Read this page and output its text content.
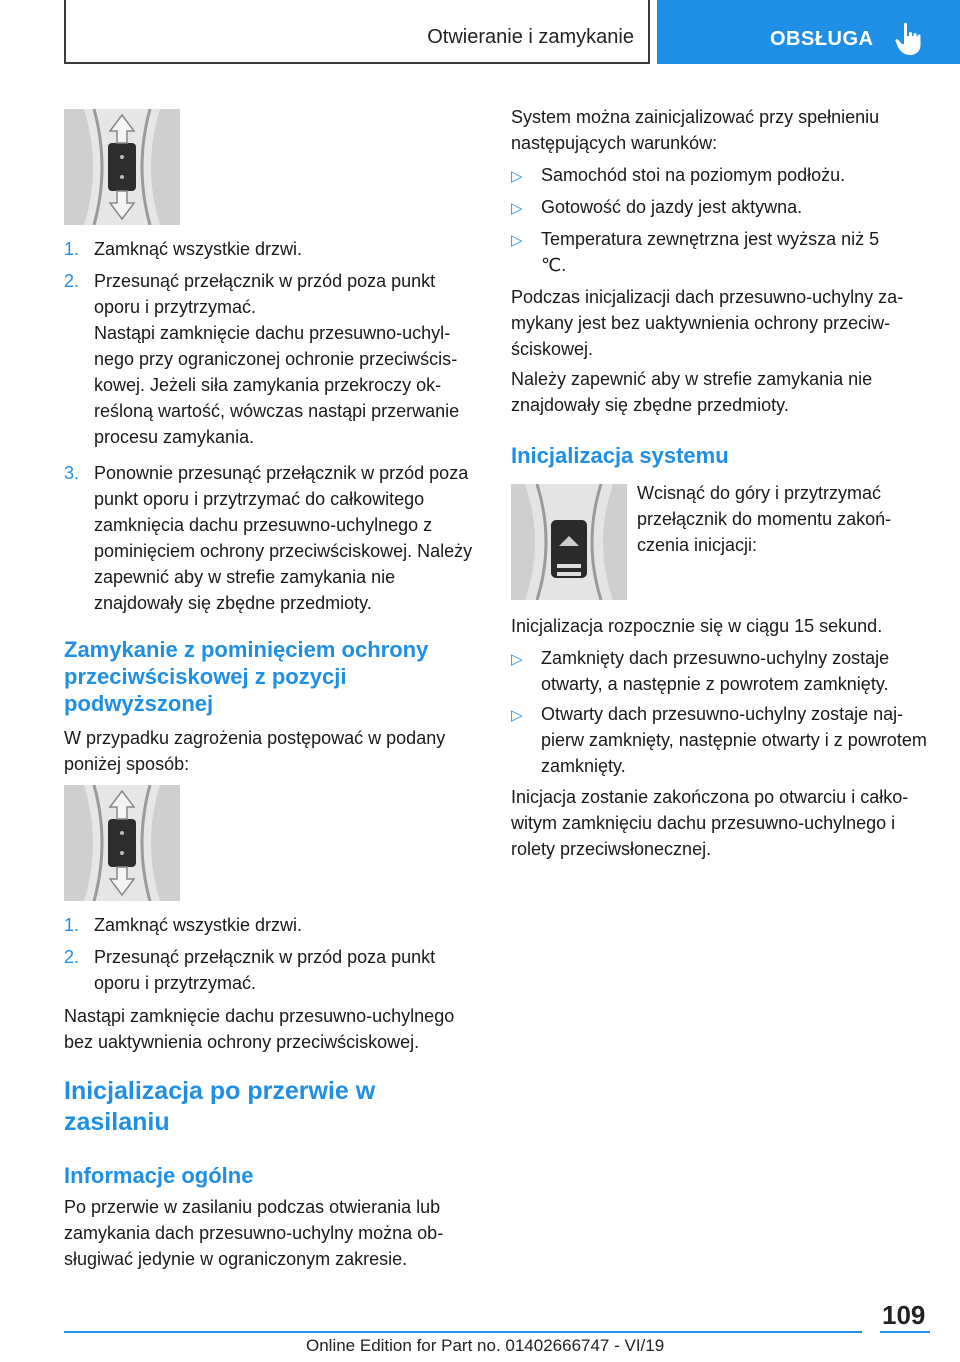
Otwieranie i zamykanie	OBSŁUGA
1. Zamknąć wszystkie drzwi.
2. Przesunąć przełącznik w przód poza punkt oporu i przytrzymać.
Nastąpi zamknięcie dachu przesuwno-uchylnego przy ograniczonej ochronie przeciwściskowej. Jeżeli siła zamykania przekroczy określoną wartość, wówczas nastąpi przerwanie procesu zamykania.
3. Ponownie przesunąć przełącznik w przód poza punkt oporu i przytrzymać do całkowitego zamknięcia dachu przesuwno-uchylnego z pominięciem ochrony przeciwściskowej. Należy zapewnić aby w strefie zamykania nie znajdowały się zbędne przedmioty.
Zamykanie z pominięciem ochrony przeciwściskowej z pozycji podwyższonej

W przypadku zagrożenia postępować w podany poniżej sposób:

1. Zamknąć wszystkie drzwi.
2. Przesunąć przełącznik w przód poza punkt oporu i przytrzymać.

Nastąpi zamknięcie dachu przesuwno-uchylnego bez uaktywnienia ochrony przeciwściskowej.

Inicjalizacja po przerwie w zasilaniu
Informacje ogólne

Po przerwie w zasilaniu podczas otwierania lub zamykania dach przesuwno-uchylny można obsługiwać jedynie w ograniczonym zakresie.

System można zainicjalizować przy spełnieniu następujących warunków:

▷ Samochód stoi na poziomym podłożu.
▷ Gotowość do jazdy jest aktywna.
▷ Temperatura zewnętrzna jest wyższa niż 5 ℃.

Podczas inicjalizacji dach przesuwno-uchylny zamykany jest bez uaktywnienia ochrony przeciwściskowej.

Należy zapewnić aby w strefie zamykania nie znajdowały się zbędne przedmioty.

Inicjalizacja systemu

Wcisnąć do góry i przytrzymać przełącznik do momentu zakończenia inicjacji:

Inicjalizacja rozpocznie się w ciągu 15 sekund.

▷ Zamknięty dach przesuwno-uchylny zostaje otwarty, a następnie z powrotem zamknięty.
▷ Otwarty dach przesuwno-uchylny zostaje najpierw zamknięty, następnie otwarty i z powrotem zamknięty.

Inicjacja zostanie zakończona po otwarciu i całkowitym zamknięciu dachu przesuwno-uchylnego i rolety przeciwsłonecznej.

109
Online Edition for Part no. 01402666747 - VI/19
